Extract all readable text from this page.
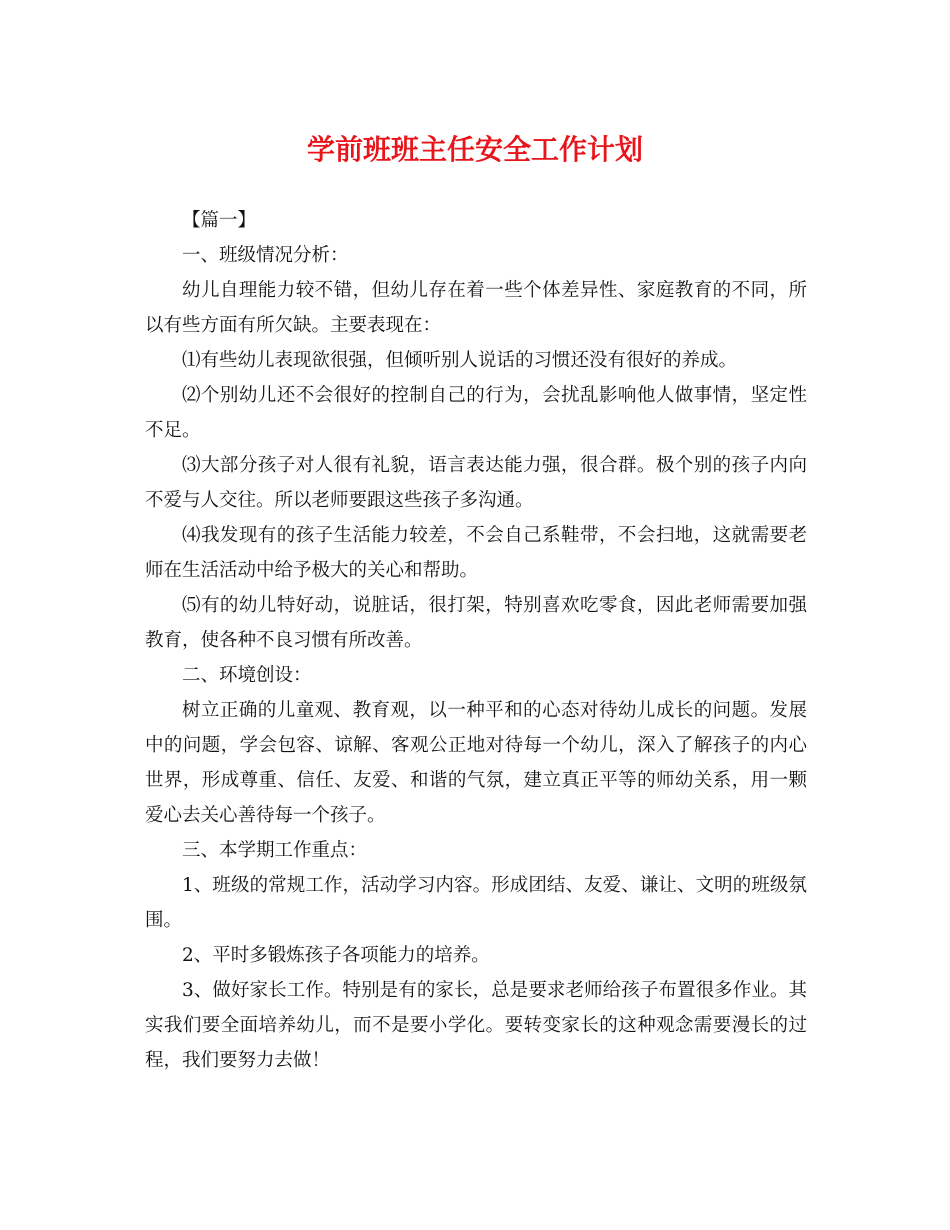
学前班班主任安全工作计划

【篇一】

一、班级情况分析：

幼儿自理能力较不错，但幼儿存在着一些个体差异性、家庭教育的不同，所以有些方面有所欠缺。主要表现在：

⑴有些幼儿表现欲很强，但倾听别人说话的习惯还没有很好的养成。

⑵个别幼儿还不会很好的控制自己的行为，会扰乱影响他人做事情，坚定性不足。

⑶大部分孩子对人很有礼貌，语言表达能力强，很合群。极个别的孩子内向不爱与人交往。所以老师要跟这些孩子多沟通。

⑷我发现有的孩子生活能力较差，不会自己系鞋带，不会扫地，这就需要老师在生活活动中给予极大的关心和帮助。

⑸有的幼儿特好动，说脏话，很打架，特别喜欢吃零食，因此老师需要加强教育，使各种不良习惯有所改善。

二、环境创设：

树立正确的儿童观、教育观，以一种平和的心态对待幼儿成长的问题。发展中的问题，学会包容、谅解、客观公正地对待每一个幼儿，深入了解孩子的内心世界，形成尊重、信任、友爱、和谐的气氛，建立真正平等的师幼关系，用一颗爱心去关心善待每一个孩子。

三、本学期工作重点：

1、班级的常规工作，活动学习内容。形成团结、友爱、谦让、文明的班级氛围。

2、平时多锻炼孩子各项能力的培养。

3、做好家长工作。特别是有的家长，总是要求老师给孩子布置很多作业。其实我们要全面培养幼儿，而不是要小学化。要转变家长的这种观念需要漫长的过程，我们要努力去做！
